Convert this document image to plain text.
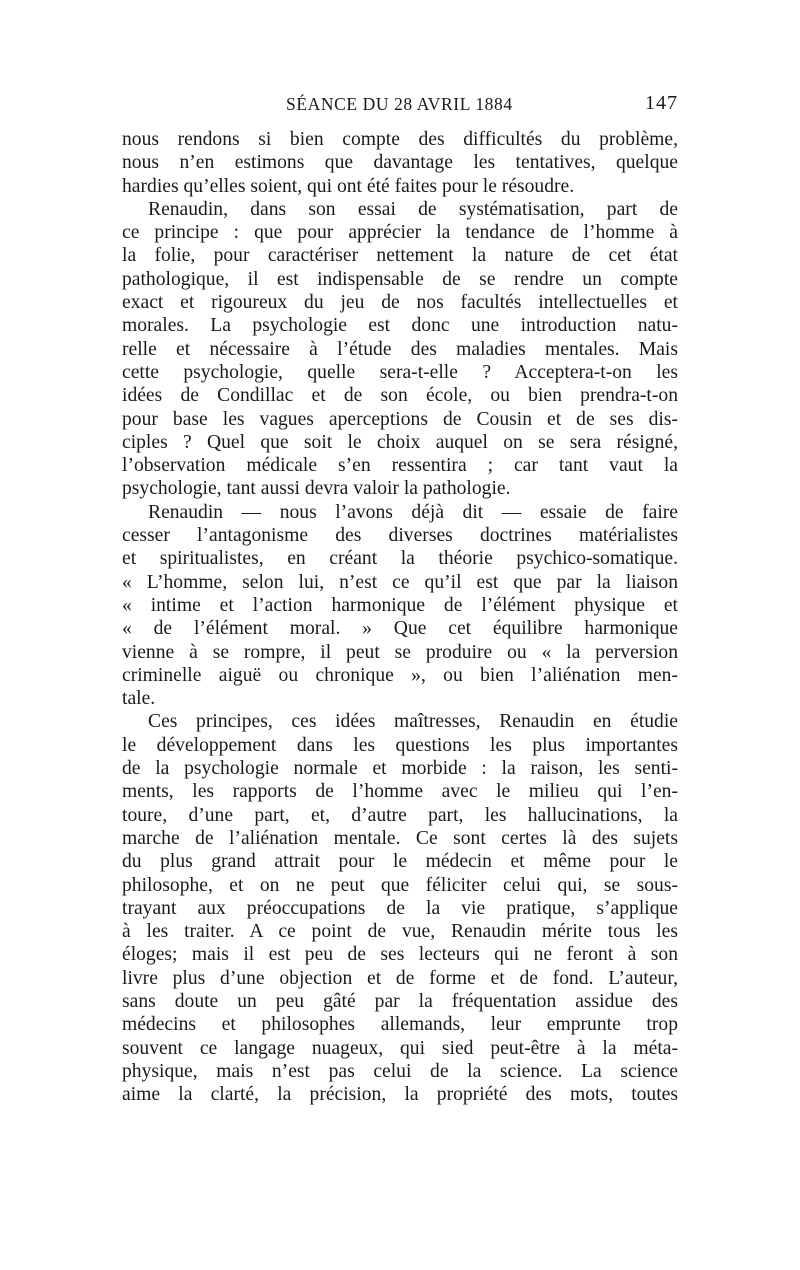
SÉANCE DU 28 AVRIL 1884	147
nous rendons si bien compte des difficultés du problème,
nous n’en estimons que davantage les tentatives, quelque
hardies qu’elles soient, qui ont été faites pour le résoudre.
Renaudin, dans son essai de systématisation, part de
ce principe : que pour apprécier la tendance de l’homme à
la folie, pour caractériser nettement la nature de cet état
pathologique, il est indispensable de se rendre un compte
exact et rigoureux du jeu de nos facultés intellectuelles et
morales. La psychologie est donc une introduction natu-
relle et nécessaire à l’étude des maladies mentales. Mais
cette psychologie, quelle sera-t-elle ? Acceptera-t-on les
idées de Condillac et de son école, ou bien prendra-t-on
pour base les vagues aperceptions de Cousin et de ses dis-
ciples ? Quel que soit le choix auquel on se sera résigné,
l’observation médicale s’en ressentira ; car tant vaut la
psychologie, tant aussi devra valoir la pathologie.
Renaudin — nous l’avons déjà dit — essaie de faire
cesser l’antagonisme des diverses doctrines matérialistes
et spiritualistes, en créant la théorie psychico-somatique.
« L’homme, selon lui, n’est ce qu’il est que par la liaison
« intime et l’action harmonique de l’élément physique et
« de l’élément moral. » Que cet équilibre harmonique
vienne à se rompre, il peut se produire ou « la perversion
criminelle aiguë ou chronique », ou bien l’aliénation men-
tale.
Ces principes, ces idées maîtresses, Renaudin en étudie
le développement dans les questions les plus importantes
de la psychologie normale et morbide : la raison, les senti-
ments, les rapports de l’homme avec le milieu qui l’en-
toure, d’une part, et, d’autre part, les hallucinations, la
marche de l’aliénation mentale. Ce sont certes là des sujets
du plus grand attrait pour le médecin et même pour le
philosophe, et on ne peut que féliciter celui qui, se sous-
trayant aux préoccupations de la vie pratique, s’applique
à les traiter. A ce point de vue, Renaudin mérite tous les
éloges; mais il est peu de ses lecteurs qui ne feront à son
livre plus d’une objection et de forme et de fond. L’auteur,
sans doute un peu gâté par la fréquentation assidue des
médecins et philosophes allemands, leur emprunte trop
souvent ce langage nuageux, qui sied peut-être à la méta-
physique, mais n’est pas celui de la science. La science
aime la clarté, la précision, la propriété des mots, toutes
